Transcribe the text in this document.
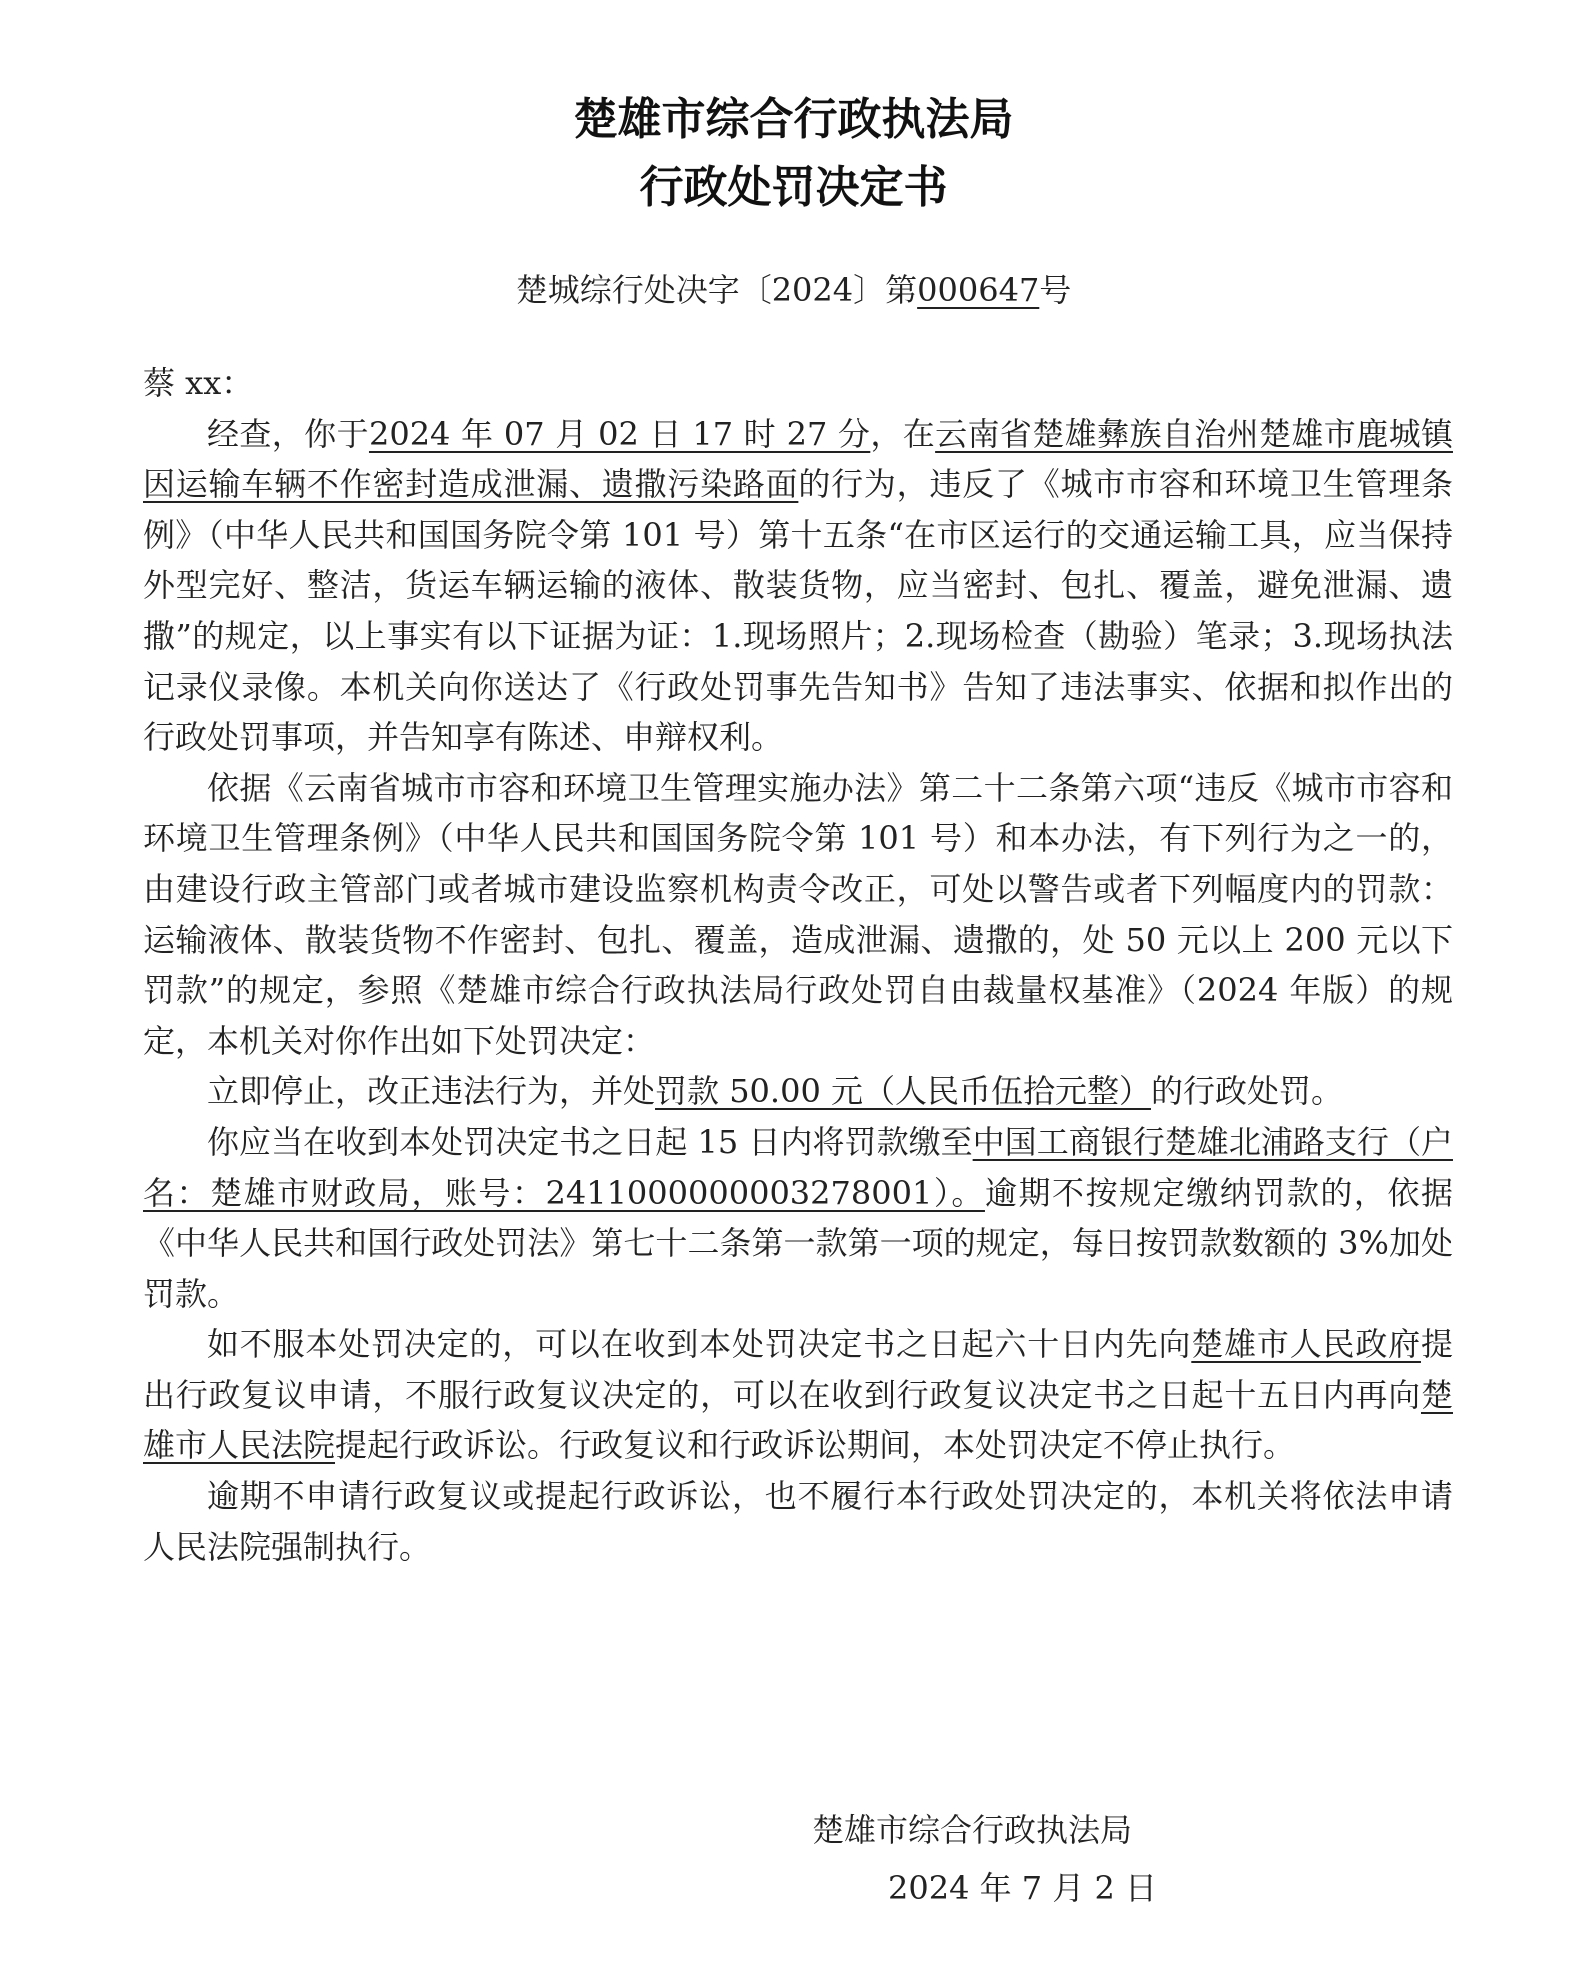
楚雄市综合行政执法局
行政处罚决定书
楚城综行处决字〔2024〕第000647号

蔡 xx：

经查，你于2024 年 07 月 02 日 17 时 27 分，在云南省楚雄彝族自治州楚雄市鹿城镇因运输车辆不作密封造成泄漏、遗撒污染路面的行为，违反了《城市市容和环境卫生管理条例》（中华人民共和国国务院令第 101 号）第十五条“在市区运行的交通运输工具，应当保持外型完好、整洁，货运车辆运输的液体、散装货物，应当密封、包扎、覆盖，避免泄漏、遗撒”的规定，以上事实有以下证据为证：1.现场照片；2.现场检查（勘验）笔录；3.现场执法记录仪录像。本机关向你送达了《行政处罚事先告知书》告知了违法事实、依据和拟作出的行政处罚事项，并告知享有陈述、申辩权利。

依据《云南省城市市容和环境卫生管理实施办法》第二十二条第六项“违反《城市市容和环境卫生管理条例》（中华人民共和国国务院令第 101 号）和本办法，有下列行为之一的，由建设行政主管部门或者城市建设监察机构责令改正，可处以警告或者下列幅度内的罚款：运输液体、散装货物不作密封、包扎、覆盖，造成泄漏、遗撒的，处 50 元以上 200 元以下罚款”的规定，参照《楚雄市综合行政执法局行政处罚自由裁量权基准》（2024 年版）的规定，本机关对你作出如下处罚决定：

立即停止，改正违法行为，并处罚款 50.00 元（人民币伍拾元整）的行政处罚。

你应当在收到本处罚决定书之日起 15 日内将罚款缴至中国工商银行楚雄北浦路支行（户名：楚雄市财政局，账号：2411000000003278001）。逾期不按规定缴纳罚款的，依据《中华人民共和国行政处罚法》第七十二条第一款第一项的规定，每日按罚款数额的 3%加处罚款。

如不服本处罚决定的，可以在收到本处罚决定书之日起六十日内先向楚雄市人民政府提出行政复议申请，不服行政复议决定的，可以在收到行政复议决定书之日起十五日内再向楚雄市人民法院提起行政诉讼。行政复议和行政诉讼期间，本处罚决定不停止执行。

逾期不申请行政复议或提起行政诉讼，也不履行本行政处罚决定的，本机关将依法申请人民法院强制执行。

楚雄市综合行政执法局
2024 年 7 月 2 日
